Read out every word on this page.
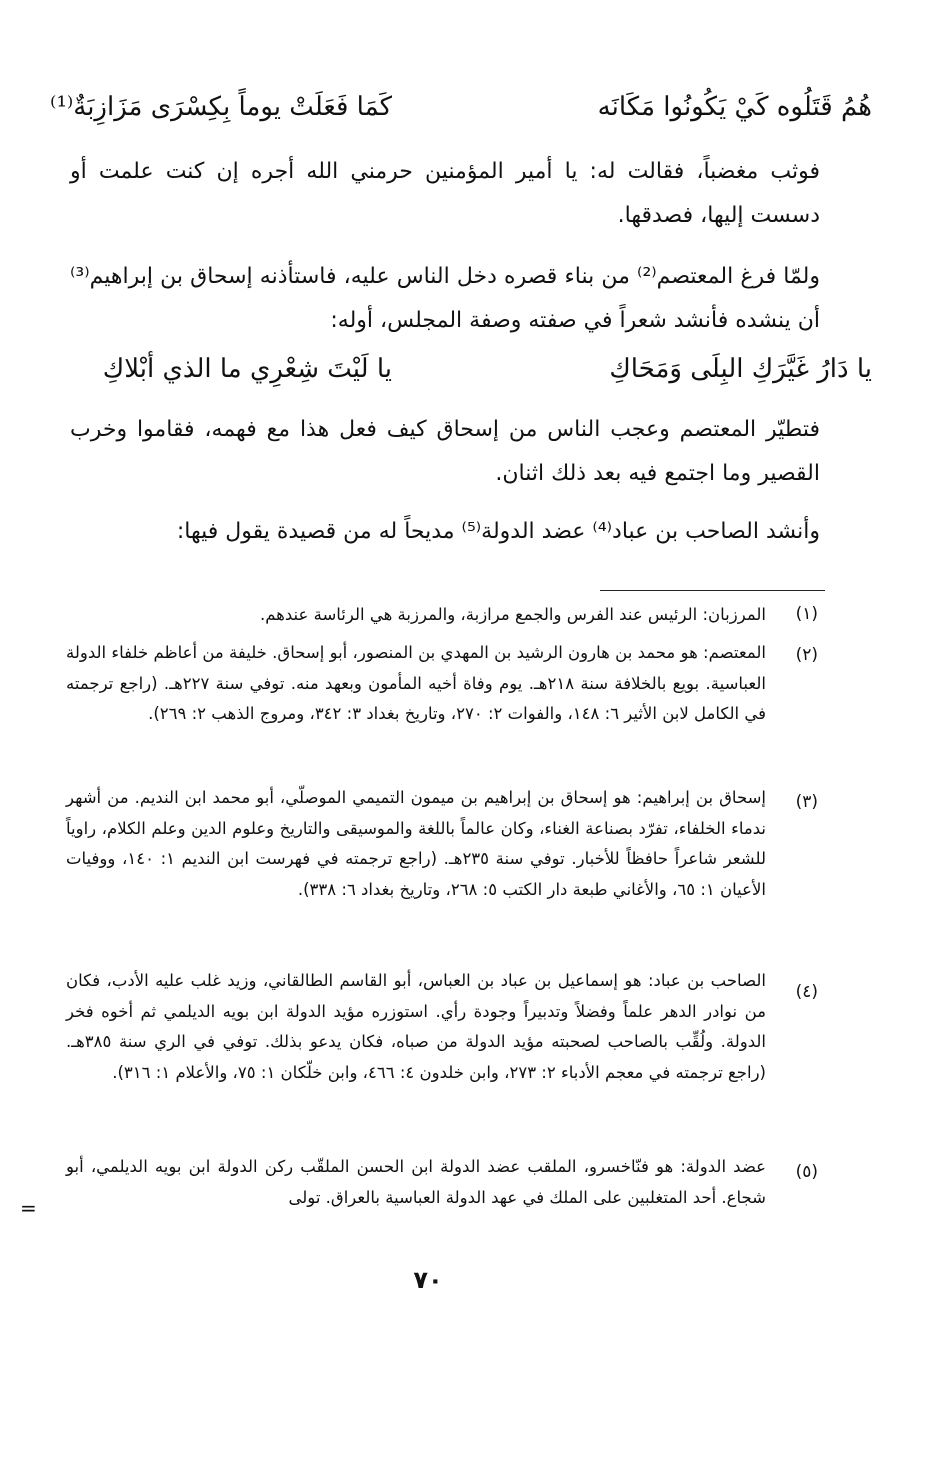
هُمُ قَتَلُوه كَيْ يَكُونُوا مَكَانَه
كَمَا فَعَلَتْ يوماً بِكِسْرَى مَزَازِبَةٌ⁽¹⁾
فوثب مغضباً، فقالت له: يا أمير المؤمنين حرمني الله أجره إن كنت علمت أو دسست إليها، فصدقها.
ولمّا فرغ المعتصم⁽²⁾ من بناء قصره دخل الناس عليه، فاستأذنه إسحاق بن إبراهيم⁽³⁾ أن ينشده فأنشد شعراً في صفته وصفة المجلس، أوله:
يا دَارُ غَيَّرَكِ البِلَى وَمَحَاكِ
يا لَيْتَ شِعْرِي ما الذي أبْلاكِ
فتطيّر المعتصم وعجب الناس من إسحاق كيف فعل هذا مع فهمه، فقاموا وخرب القصير وما اجتمع فيه بعد ذلك اثنان.
وأنشد الصاحب بن عباد⁽⁴⁾ عضد الدولة⁽⁵⁾ مديحاً له من قصيدة يقول فيها:
(١)
المرزبان: الرئيس عند الفرس والجمع مرازبة، والمرزبة هي الرئاسة عندهم.
(٢)
المعتصم: هو محمد بن هارون الرشيد بن المهدي بن المنصور، أبو إسحاق. خليفة من أعاظم خلفاء الدولة العباسية. بويع بالخلافة سنة ٢١٨هـ. يوم وفاة أخيه المأمون وبعهد منه. توفي سنة ٢٢٧هـ. (راجع ترجمته في الكامل لابن الأثير ٦: ١٤٨، والفوات ٢: ٢٧٠، وتاريخ بغداد ٣: ٣٤٢، ومروج الذهب ٢: ٢٦٩).
(٣)
إسحاق بن إبراهيم: هو إسحاق بن إبراهيم بن ميمون التميمي الموصلّي، أبو محمد ابن النديم. من أشهر ندماء الخلفاء، تفرّد بصناعة الغناء، وكان عالماً باللغة والموسيقى والتاريخ وعلوم الدين وعلم الكلام، راوياً للشعر شاعراً حافظاً للأخبار. توفي سنة ٢٣٥هـ. (راجع ترجمته في فهرست ابن النديم ١: ١٤٠، ووفيات الأعيان ١: ٦٥، والأغاني طبعة دار الكتب ٥: ٢٦٨، وتاريخ بغداد ٦: ٣٣٨).
(٤)
الصاحب بن عباد: هو إسماعيل بن عباد بن العباس، أبو القاسم الطالقاني، وزيد غلب عليه الأدب، فكان من نوادر الدهر علماً وفضلاً وتدبيراً وجودة رأي. استوزره مؤيد الدولة ابن بويه الديلمي ثم أخوه فخر الدولة. ولُقِّب بالصاحب لصحبته مؤيد الدولة من صباه، فكان يدعو بذلك. توفي في الري سنة ٣٨٥هـ. (راجع ترجمته في معجم الأدباء ٢: ٢٧٣، وابن خلدون ٤: ٤٦٦، وابن خلّكان ١: ٧٥، والأعلام ١: ٣١٦).
(٥)
عضد الدولة: هو فنّاخسرو، الملقب عضد الدولة ابن الحسن الملقّب ركن الدولة ابن بويه الديلمي، أبو شجاع. أحد المتغلبين على الملك في عهد الدولة العباسية بالعراق. تولى
=
٧٠
